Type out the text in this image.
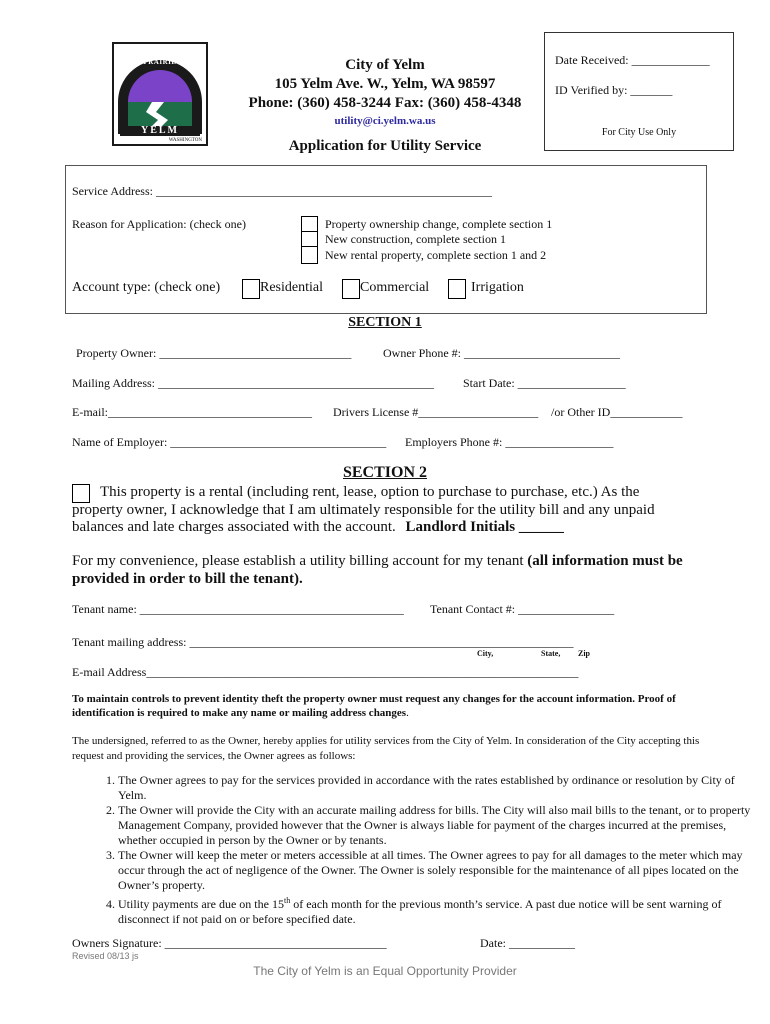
PRIDE OF THE PRAIRIE
YELM
WASHINGTON
City of Yelm
105 Yelm Ave. W., Yelm, WA 98597
Phone: (360) 458-3244 Fax: (360) 458-4348
utility@ci.yelm.wa.us
Application for Utility Service
Date Received: _____________
ID Verified by: _______
For City Use Only
Service Address: ________________________________________________________
Reason for Application: (check one)	Property ownership change, complete section 1
New construction, complete section 1
New rental property, complete section 1 and 2
Account type: (check one)	Residential	Commercial	Irrigation
SECTION 1
Property Owner: ________________________________	Owner Phone #: __________________________
Mailing Address: ______________________________________________ Start Date: __________________
E-mail:__________________________________ Drivers License #____________________ /or Other ID____________
Name of Employer: ____________________________________ Employers Phone #: __________________
SECTION 2
This property is a rental (including rent, lease, option to purchase to purchase, etc.) As the
property owner, I acknowledge that I am ultimately responsible for the utility bill and any unpaid
balances and late charges associated with the account. Landlord Initials ______
For my convenience, please establish a utility billing account for my tenant (all information must be provided in order to bill the tenant).
Tenant name: ____________________________________________ Tenant Contact #: ________________
Tenant mailing address: ________________________________________________________________
City,	State, Zip
E-mail Address________________________________________________________________________
To maintain controls to prevent identity theft the property owner must request any changes for the account information. Proof of identification is required to make any name or mailing address changes.
The undersigned, referred to as the Owner, hereby applies for utility services from the City of Yelm. In consideration of the City accepting this request and providing the services, the Owner agrees as follows:
1. The Owner agrees to pay for the services provided in accordance with the rates established by ordinance or resolution by City of Yelm.
2. The Owner will provide the City with an accurate mailing address for bills. The City will also mail bills to the tenant, or to property Management Company, provided however that the Owner is always liable for payment of the charges incurred at the premises, whether occupied in person by the Owner or by tenants.
3. The Owner will keep the meter or meters accessible at all times. The Owner agrees to pay for all damages to the meter which may occur through the act of negligence of the Owner. The Owner is solely responsible for the maintenance of all pipes located on the Owner’s property.
4. Utility payments are due on the 15th of each month for the previous month’s service. A past due notice will be sent warning of disconnect if not paid on or before specified date.
Owners Signature: _____________________________________	Date: ___________
Revised 08/13 js
The City of Yelm is an Equal Opportunity Provider
